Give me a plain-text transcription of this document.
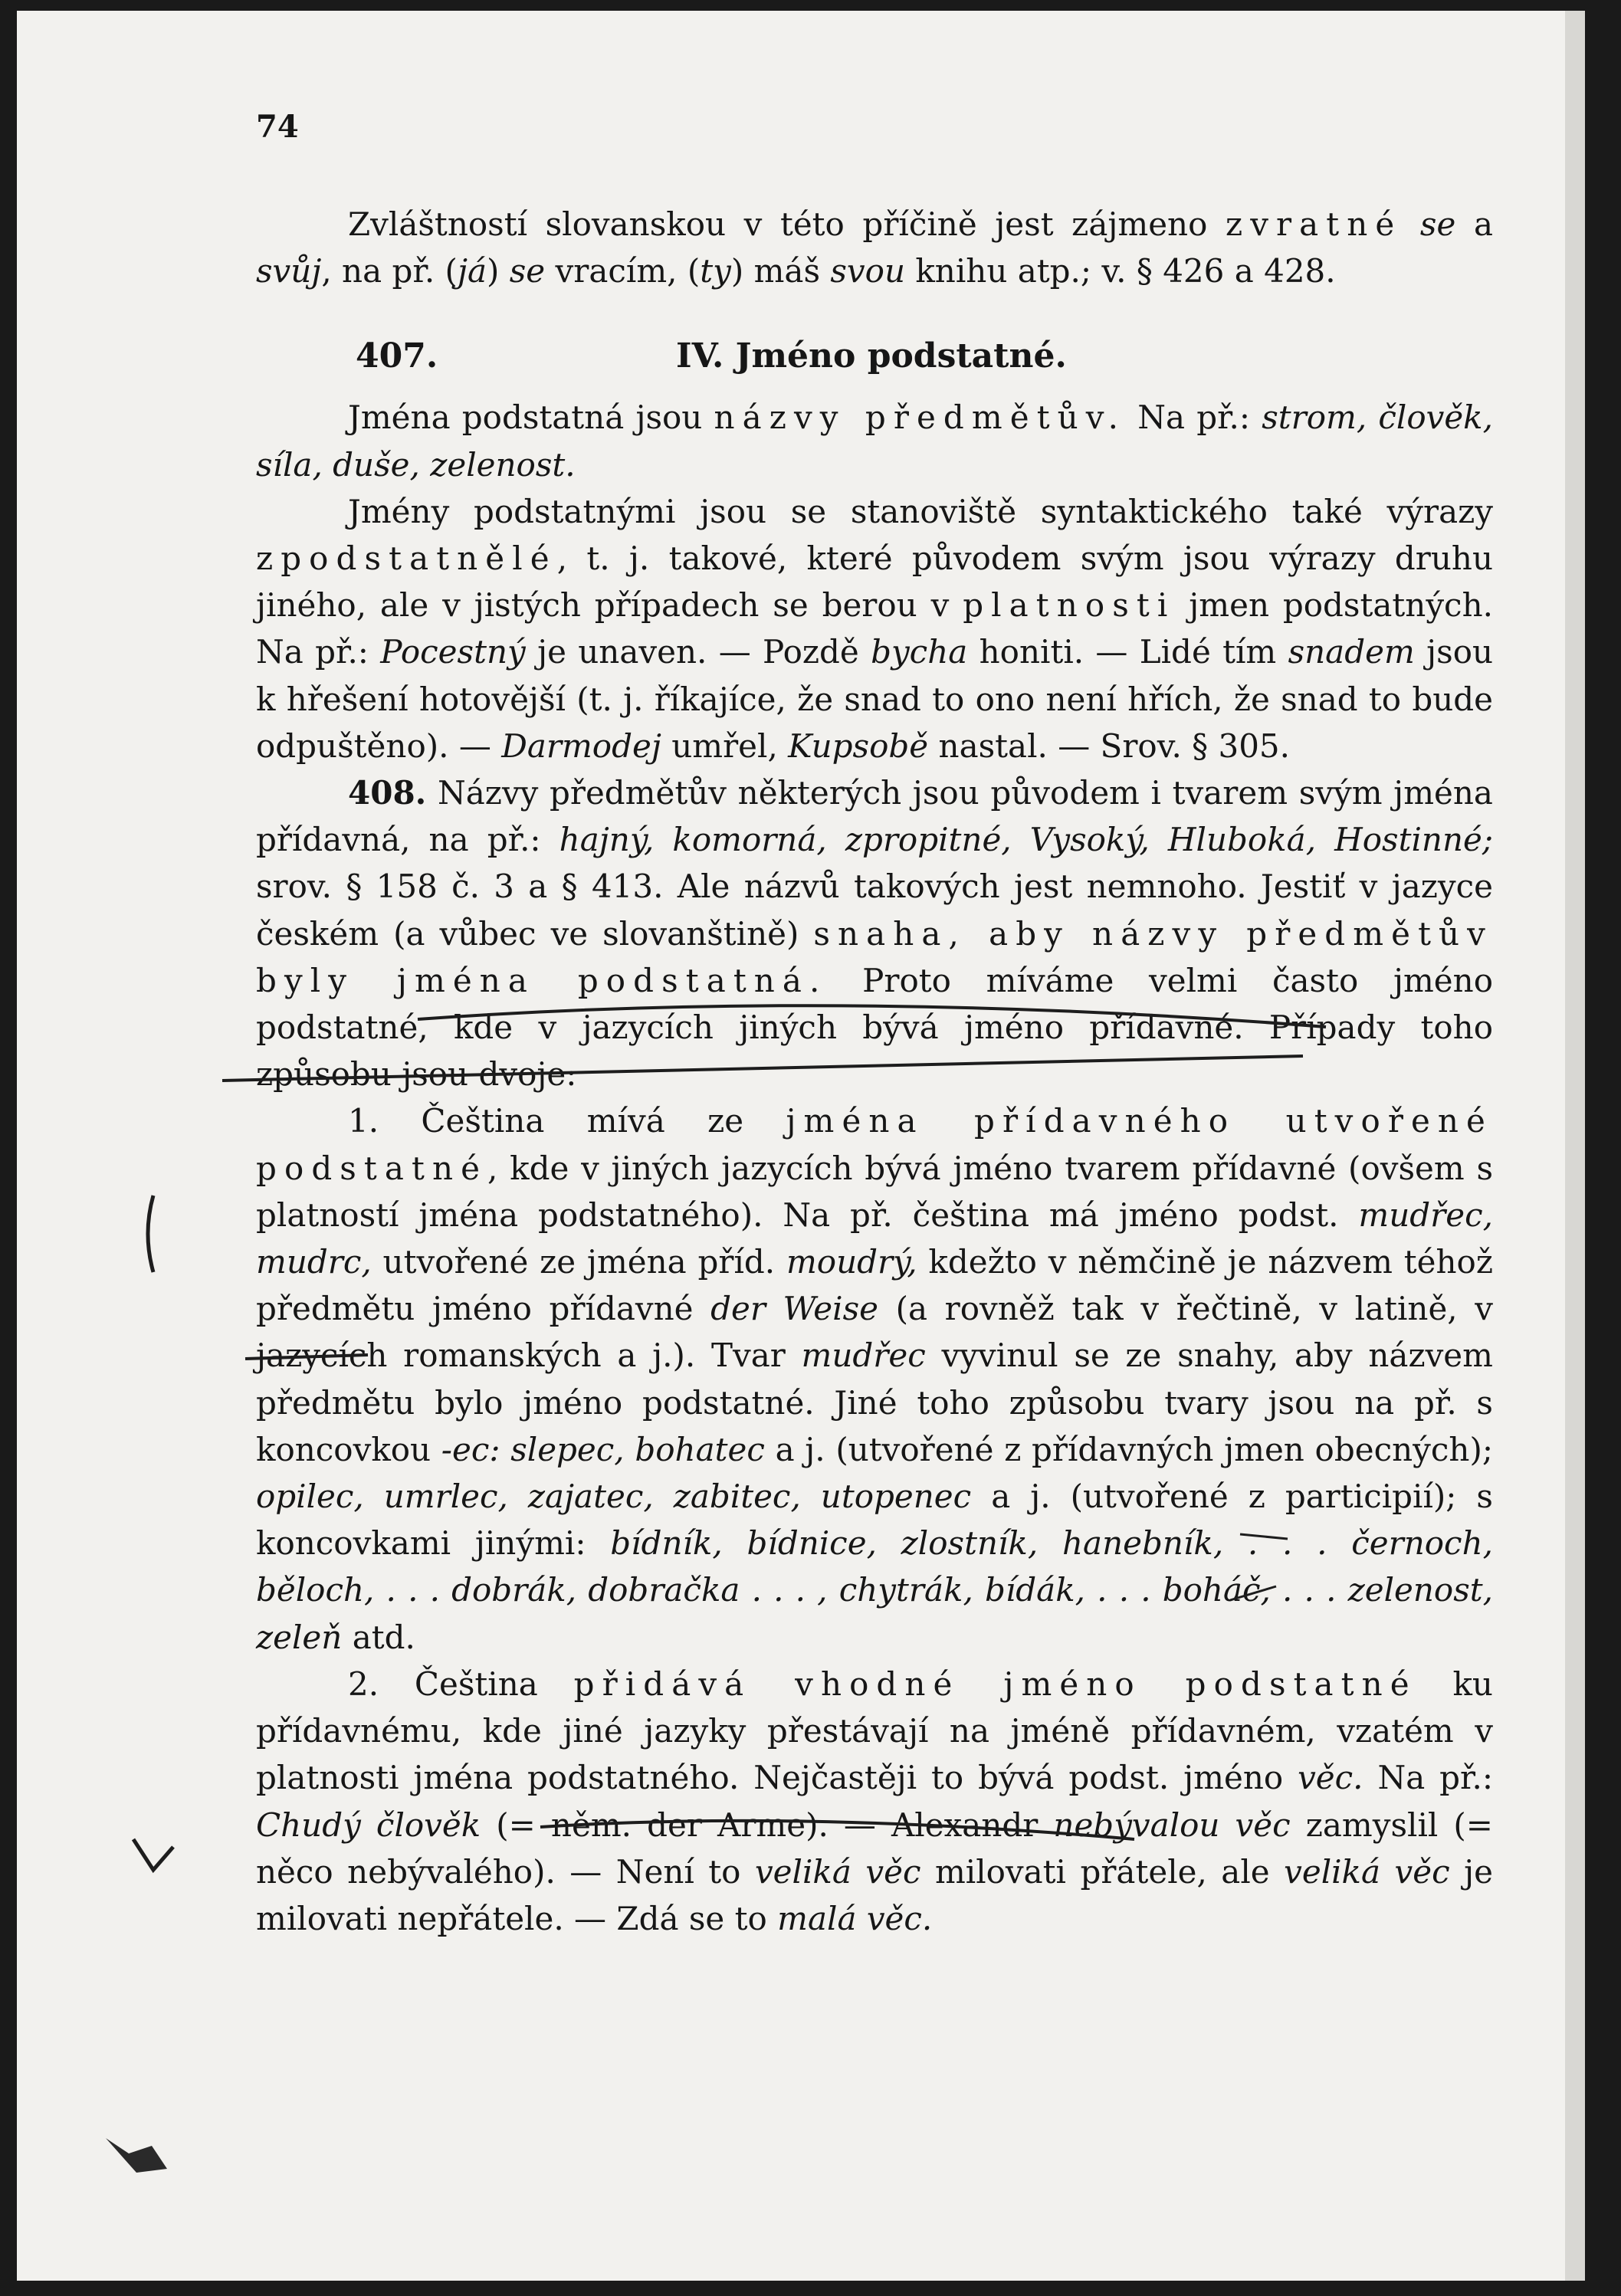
74

Zvláštností slovanskou v této příčině jest zájmeno zvratné se a svůj, na př. (já) se vracím, (ty) máš svou knihu atp.; v. § 426 a 428.

407.	IV. Jméno podstatné.

Jména podstatná jsou názvy předmětův. Na př.: strom, člověk, síla, duše, zelenost.

Jmény podstatnými jsou se stanoviště syntaktického také výrazy zpodstatnělé, t. j. takové, které původem svým jsou výrazy druhu jiného, ale v jistých případech se berou v platnosti jmen podstatných. Na př.: Pocestný je unaven. — Pozdě bycha honiti. — Lidé tím snadem jsou k hřešení hotovější (t. j. říkajíce, že snad to ono není hřích, že snad to bude odpuštěno). — Darmodej umřel, Kupsobě nastal. — Srov. § 305.

408. Názvy předmětův některých jsou původem i tvarem svým jména přídavná, na př.: hajný, komorná, zpropitné, Vysoký, Hluboká, Hostinné; srov. § 158 č. 3 a § 413. Ale názvů takových jest nemnoho. Jestiť v jazyce českém (a vůbec ve slovanštině) snaha, aby názvy předmětův byly jména podstatná. Proto míváme velmi často jméno podstatné, kde v jazycích jiných bývá jméno přídavné. Případy toho způsobu jsou dvoje:

1. Čeština mívá ze jména přídavného utvořené podstatné, kde v jiných jazycích bývá jméno tvarem přídavné (ovšem s platností jména podstatného). Na př. čeština má jméno podst. mudřec, mudrc, utvořené ze jména příd. moudrý, kdežto v němčině je názvem téhož předmětu jméno přídavné der Weise (a rovněž tak v řečtině, v latině, v jazycích romanských a j.). Tvar mudřec vyvinul se ze snahy, aby názvem předmětu bylo jméno podstatné. Jiné toho způsobu tvary jsou na př. s koncovkou -ec: slepec, bohatec a j. (utvořené z přídavných jmen obecných); opilec, umrlec, zajatec, zabitec, utopenec a j. (utvořené z participií); s koncovkami jinými: bídník, bídnice, zlostník, hanebník, . . . černoch, běloch, . . . dobrák, dobračka . . . , chytrák, bídák, . . . boháč, . . . zelenost, zeleň atd.

2. Čeština přidává vhodné jméno podstatné ku přídavnému, kde jiné jazyky přestávají na jméně přídavném, vzatém v platnosti jména podstatného. Nejčastěji to bývá podst. jméno věc. Na př.: Chudý člověk (= něm. der Arme). — Alexandr nebývalou věc zamyslil (= něco nebývalého). — Není to veliká věc milovati přátele, ale veliká věc je milovati nepřátele. — Zdá se to malá věc.
